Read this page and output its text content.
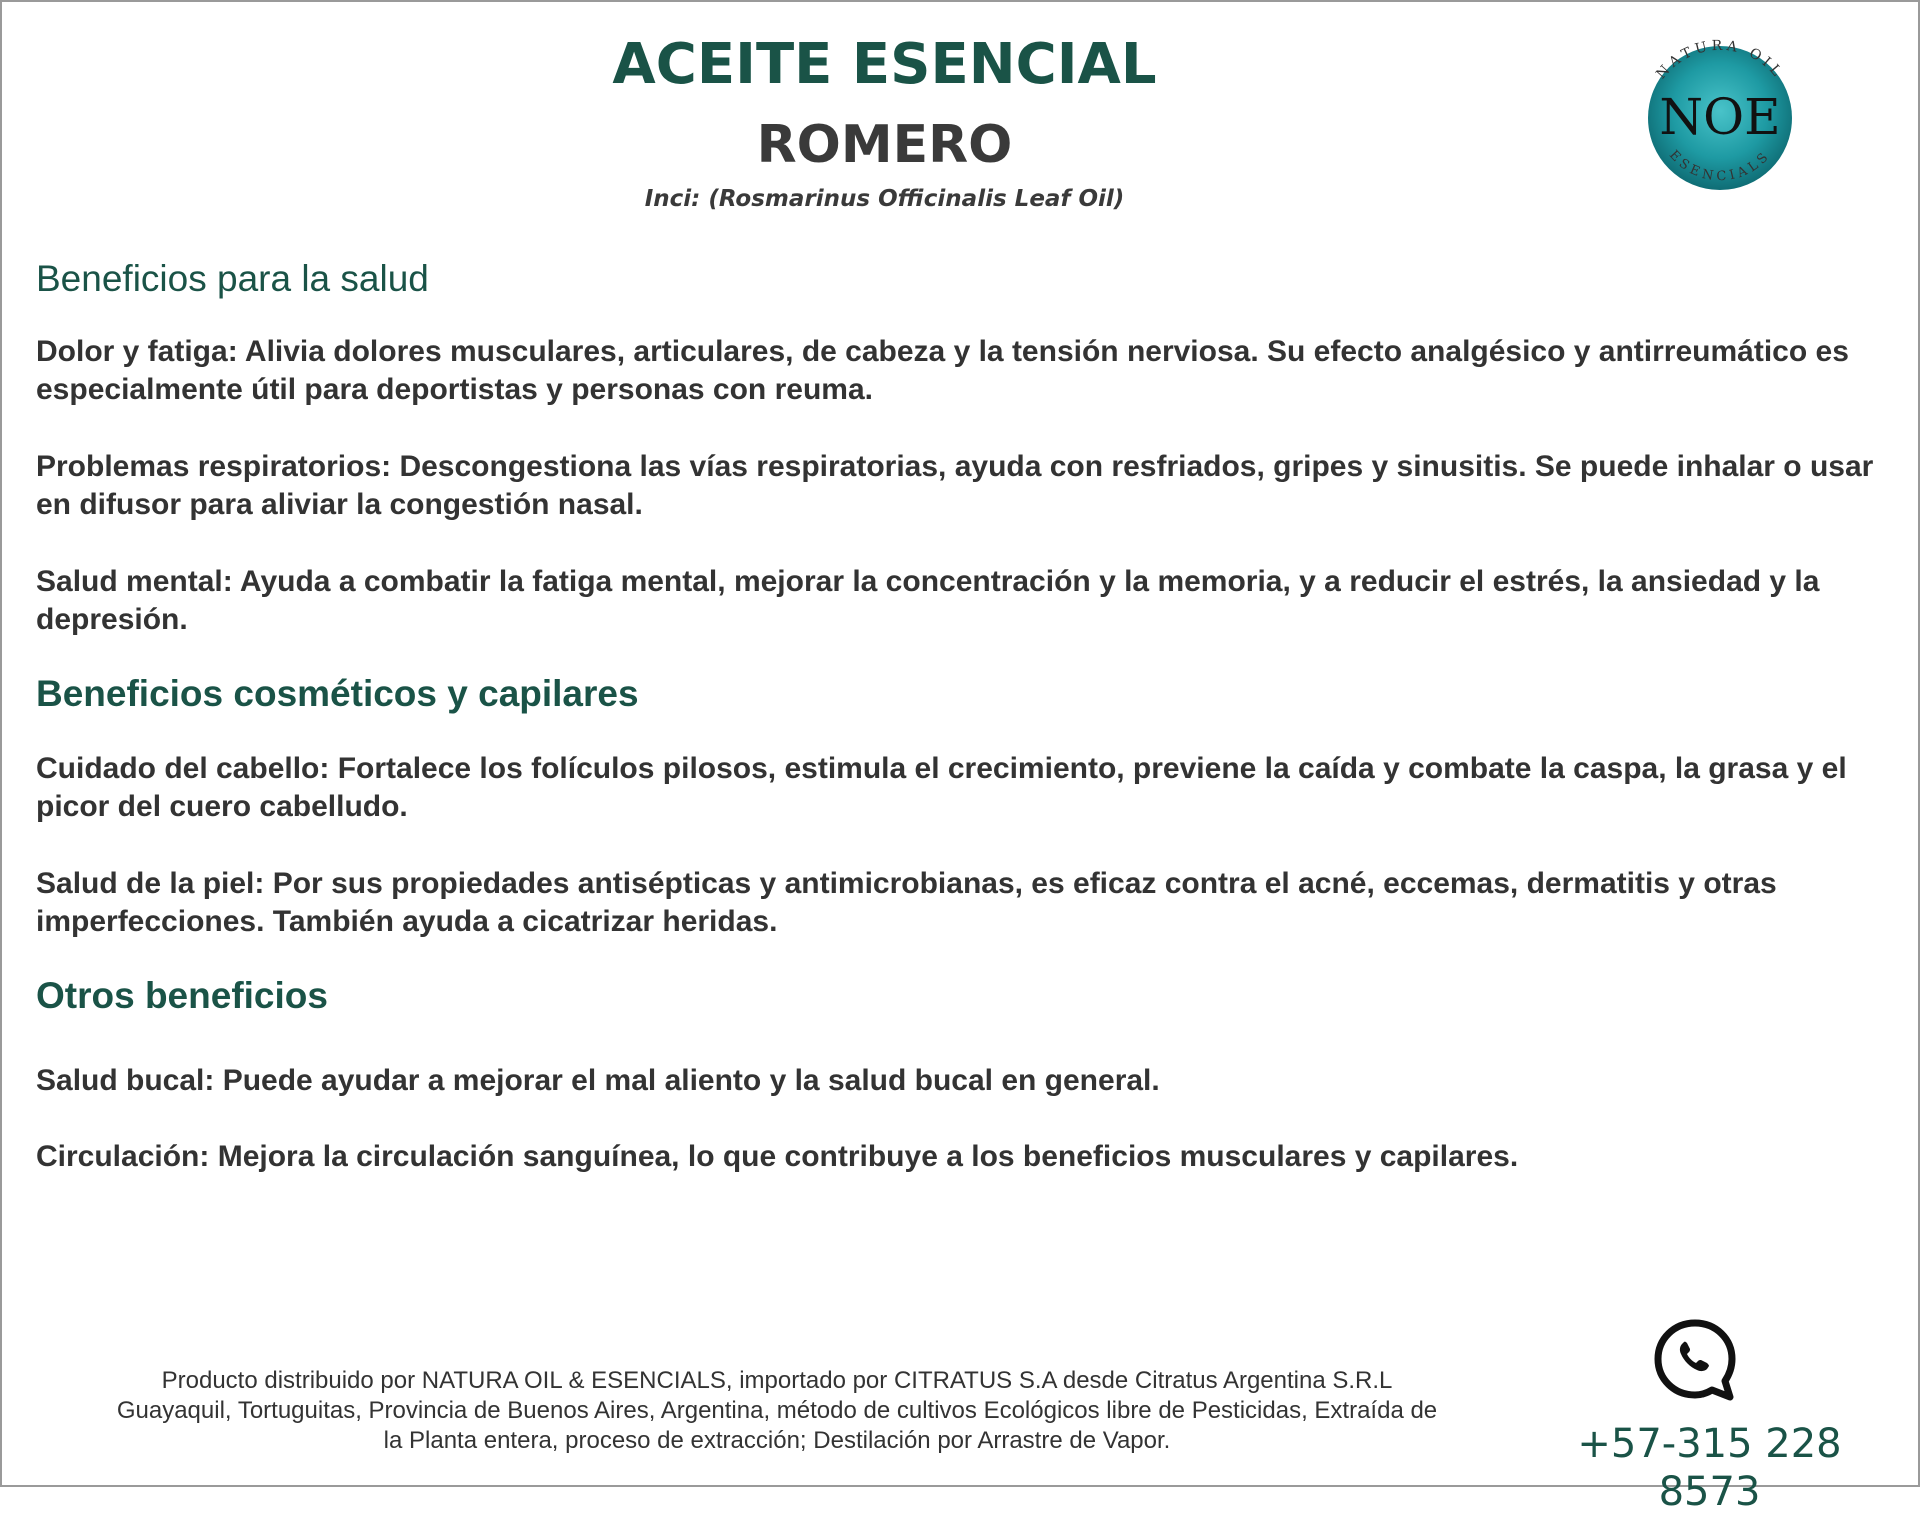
ACEITE ESENCIAL
ROMERO
Inci: (Rosmarinus Officinalis Leaf Oil)
NOE
NATURA OIL
ESENCIALS
Beneficios para la salud
Dolor y fatiga: Alivia dolores musculares, articulares, de cabeza y la tensión nerviosa. Su efecto analgésico y antirreumático es especialmente útil para deportistas y personas con reuma.
Problemas respiratorios: Descongestiona las vías respiratorias, ayuda con resfriados, gripes y sinusitis. Se puede inhalar o usar en difusor para aliviar la congestión nasal.
Salud mental: Ayuda a combatir la fatiga mental, mejorar la concentración y la memoria, y a reducir el estrés, la ansiedad y la depresión.
Beneficios cosméticos y capilares
Cuidado del cabello: Fortalece los folículos pilosos, estimula el crecimiento, previene la caída y combate la caspa, la grasa y el picor del cuero cabelludo.
Salud de la piel: Por sus propiedades antisépticas y antimicrobianas, es eficaz contra el acné, eccemas, dermatitis y otras imperfecciones. También ayuda a cicatrizar heridas.
Otros beneficios
Salud bucal: Puede ayudar a mejorar el mal aliento y la salud bucal en general.
Circulación: Mejora la circulación sanguínea, lo que contribuye a los beneficios musculares y capilares.
Producto distribuido por NATURA OIL & ESENCIALS, importado por CITRATUS S.A desde Citratus Argentina S.R.L
Guayaquil, Tortuguitas, Provincia de Buenos Aires, Argentina, método de cultivos Ecológicos libre de Pesticidas, Extraída de
la Planta entera, proceso de extracción; Destilación por Arrastre de Vapor.	+57-315 228 8573
